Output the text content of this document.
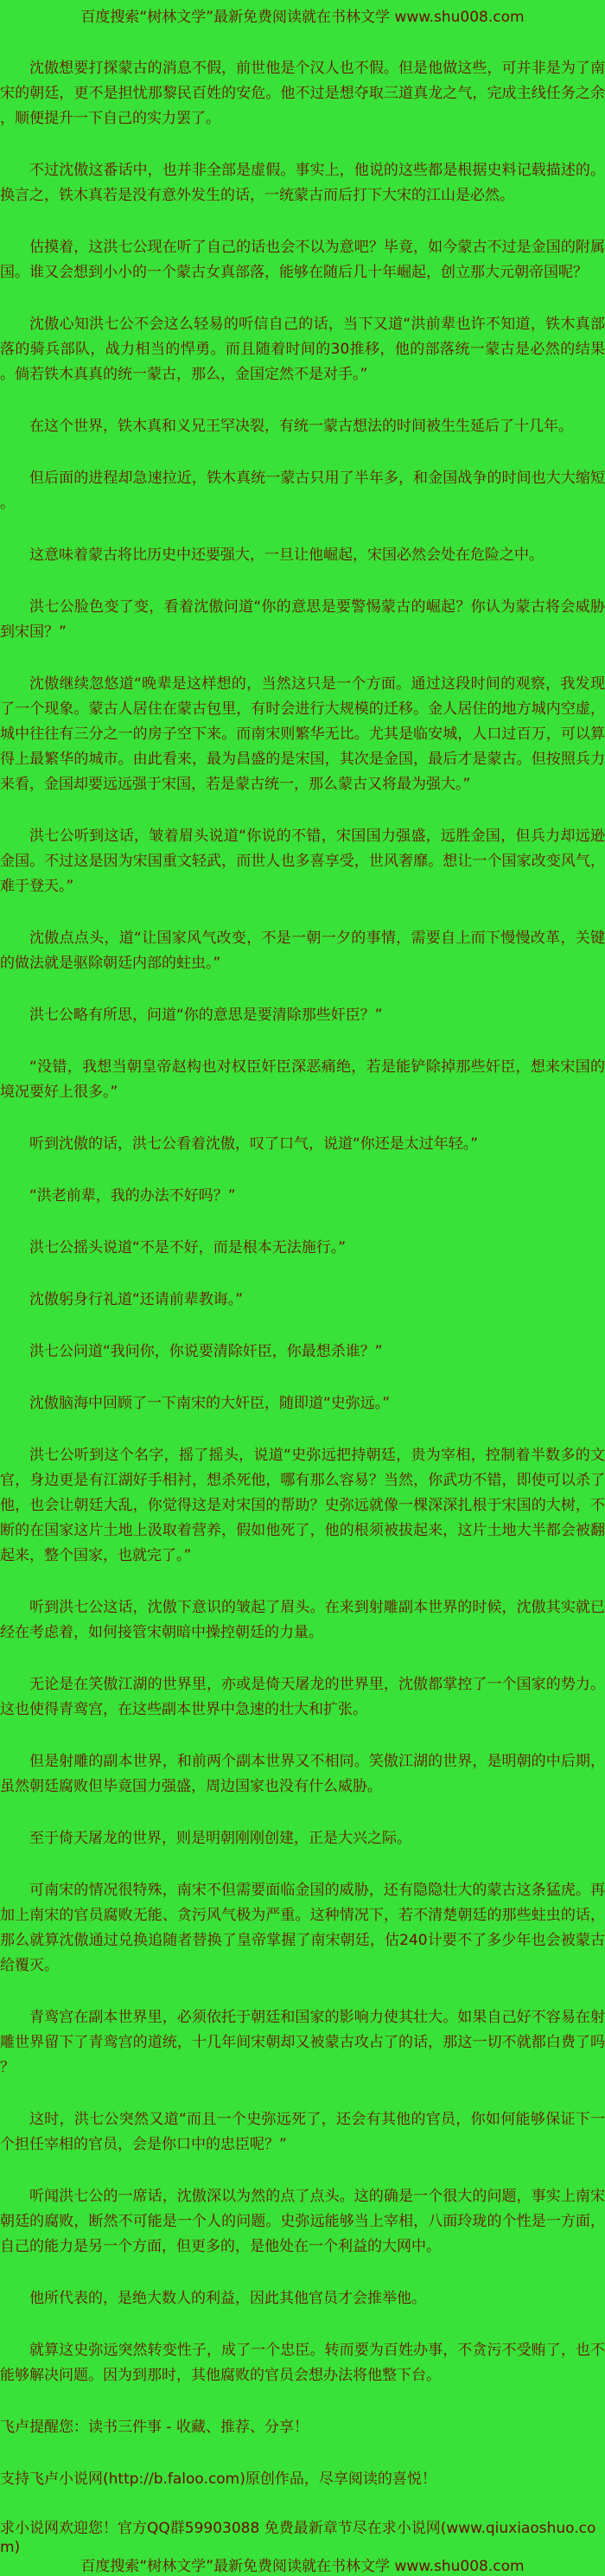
百度搜索“树林文学”最新免费阅读就在书林文学 www.shu008.com

沈傲想要打探蒙古的消息不假，前世他是个汉人也不假。但是他做这些，可并非是为了南宋的朝廷，更不是担忧那黎民百姓的安危。他不过是想夺取三道真龙之气，完成主线任务之余，顺便提升一下自己的实力罢了。

不过沈傲这番话中，也并非全部是虚假。事实上，他说的这些都是根据史料记载描述的。换言之，铁木真若是没有意外发生的话，一统蒙古而后打下大宋的江山是必然。

估摸着，这洪七公现在听了自己的话也会不以为意吧？毕竟，如今蒙古不过是金国的附属国。谁又会想到小小的一个蒙古女真部落，能够在随后几十年崛起，创立那大元朝帝国呢？

沈傲心知洪七公不会这么轻易的听信自己的话，当下又道“洪前辈也许不知道，铁木真部落的骑兵部队，战力相当的悍勇。而且随着时间的30推移，他的部落统一蒙古是必然的结果。倘若铁木真真的统一蒙古，那么，金国定然不是对手。”

在这个世界，铁木真和义兄王罕决裂，有统一蒙古想法的时间被生生延后了十几年。

但后面的进程却急速拉近，铁木真统一蒙古只用了半年多，和金国战争的时间也大大缩短。

这意味着蒙古将比历史中还要强大，一旦让他崛起，宋国必然会处在危险之中。

洪七公脸色变了变，看着沈傲问道“你的意思是要警惕蒙古的崛起？你认为蒙古将会威胁到宋国？”

沈傲继续忽悠道“晚辈是这样想的，当然这只是一个方面。通过这段时间的观察，我发现了一个现象。蒙古人居住在蒙古包里，有时会进行大规模的迁移。金人居住的地方城内空虚，城中往往有三分之一的房子空下来。而南宋则繁华无比。尤其是临安城，人口过百万，可以算得上最繁华的城市。由此看来，最为昌盛的是宋国，其次是金国，最后才是蒙古。但按照兵力来看，金国却要远远强于宋国，若是蒙古统一，那么蒙古又将最为强大。”

洪七公听到这话，皱着眉头说道“你说的不错，宋国国力强盛，远胜金国，但兵力却远逊金国。不过这是因为宋国重文轻武，而世人也多喜享受，世风奢靡。想让一个国家改变风气，难于登天。”

沈傲点点头，道“让国家风气改变，不是一朝一夕的事情，需要自上而下慢慢改革，关键的做法就是驱除朝廷内部的蛀虫。”

洪七公略有所思，问道“你的意思是要清除那些奸臣？”

“没错，我想当朝皇帝赵构也对权臣奸臣深恶痛绝，若是能铲除掉那些奸臣，想来宋国的境况要好上很多。”

听到沈傲的话，洪七公看着沈傲，叹了口气，说道“你还是太过年轻。”

“洪老前辈，我的办法不好吗？”

洪七公摇头说道“不是不好，而是根本无法施行。”

沈傲躬身行礼道“还请前辈教诲。”

洪七公问道“我问你，你说要清除奸臣，你最想杀谁？”

沈傲脑海中回顾了一下南宋的大奸臣，随即道“史弥远。”

洪七公听到这个名字，摇了摇头，说道“史弥远把持朝廷，贵为宰相，控制着半数多的文官，身边更是有江湖好手相衬，想杀死他，哪有那么容易？当然，你武功不错，即使可以杀了他，也会让朝廷大乱，你觉得这是对宋国的帮助？史弥远就像一棵深深扎根于宋国的大树，不断的在国家这片土地上汲取着营养，假如他死了，他的根须被拔起来，这片土地大半都会被翻起来，整个国家，也就完了。”

听到洪七公这话，沈傲下意识的皱起了眉头。在来到射雕副本世界的时候，沈傲其实就已经在考虑着，如何接管宋朝暗中操控朝廷的力量。

无论是在笑傲江湖的世界里，亦或是倚天屠龙的世界里，沈傲都掌控了一个国家的势力。这也使得青鸾宫，在这些副本世界中急速的壮大和扩张。

但是射雕的副本世界，和前两个副本世界又不相同。笑傲江湖的世界，是明朝的中后期，虽然朝廷腐败但毕竟国力强盛，周边国家也没有什么威胁。

至于倚天屠龙的世界，则是明朝刚刚创建，正是大兴之际。

可南宋的情况很特殊，南宋不但需要面临金国的威胁，还有隐隐壮大的蒙古这条猛虎。再加上南宋的官员腐败无能、贪污风气极为严重。这种情况下，若不清楚朝廷的那些蛀虫的话，那么就算沈傲通过兑换追随者替换了皇帝掌握了南宋朝廷，估240计要不了多少年也会被蒙古给覆灭。

青鸾宫在副本世界里，必须依托于朝廷和国家的影响力使其壮大。如果自己好不容易在射雕世界留下了青鸾宫的道统，十几年间宋朝却又被蒙古攻占了的话，那这一切不就都白费了吗？

这时，洪七公突然又道“而且一个史弥远死了，还会有其他的官员，你如何能够保证下一个担任宰相的官员，会是你口中的忠臣呢？”

听闻洪七公的一席话，沈傲深以为然的点了点头。这的确是一个很大的问题，事实上南宋朝廷的腐败，断然不可能是一个人的问题。史弥远能够当上宰相，八面玲珑的个性是一方面，自己的能力是另一个方面，但更多的，是他处在一个利益的大网中。

他所代表的，是绝大数人的利益，因此其他官员才会推举他。

就算这史弥远突然转变性子，成了一个忠臣。转而要为百姓办事，不贪污不受贿了，也不能够解决问题。因为到那时，其他腐败的官员会想办法将他整下台。

飞卢提醒您：读书三件事 - 收藏、推荐、分享！
支持飞卢小说网(http://b.faloo.com)原创作品，尽享阅读的喜悦！
求小说网欢迎您！官方QQ群59903088 免费最新章节尽在求小说网(www.qiuxiaoshuo.com)
百度搜索“树林文学”最新免费阅读就在书林文学 www.shu008.com
